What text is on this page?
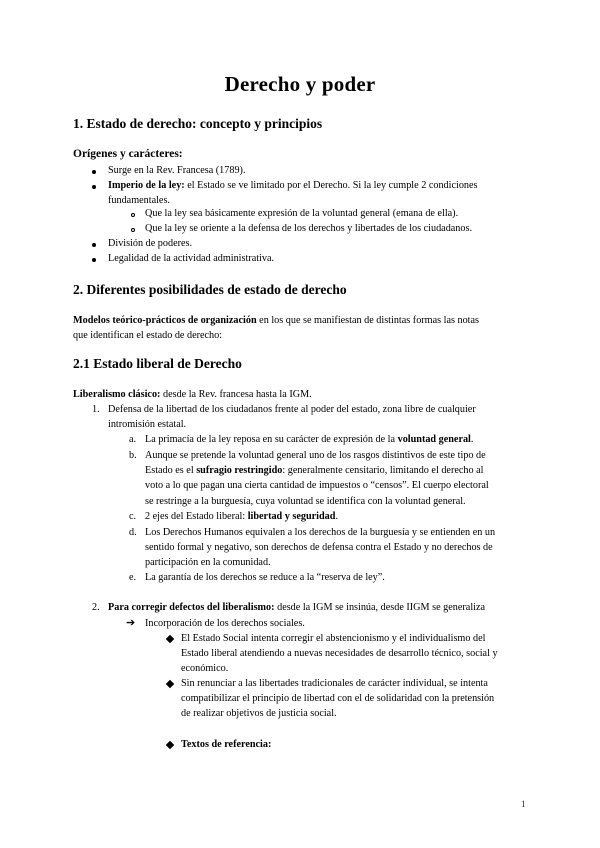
Derecho y poder
1. Estado de derecho: concepto y principios
Orígenes y carácteres:
Surge en la Rev. Francesa (1789).
Imperio de la ley: el Estado se ve limitado por el Derecho. Si la ley cumple 2 condiciones
fundamentales.
Que la ley sea básicamente expresión de la voluntad general (emana de ella).
Que la ley se oriente a la defensa de los derechos y libertades de los ciudadanos.
División de poderes.
Legalidad de la actividad administrativa.
2. Diferentes posibilidades de estado de derecho
Modelos teórico-prácticos de organización en los que se manifiestan de distintas formas las notas
que identifican el estado de derecho:
2.1 Estado liberal de Derecho
Liberalismo clásico: desde la Rev. francesa hasta la IGM.
1. Defensa de la libertad de los ciudadanos frente al poder del estado, zona libre de cualquier
intromisión estatal.
a. La primacía de la ley reposa en su carácter de expresión de la voluntad general.
b. Aunque se pretende la voluntad general uno de los rasgos distintivos de este tipo de
Estado es el sufragio restringido: generalmente censitario, limitando el derecho al
voto a lo que pagan una cierta cantidad de impuestos o “censos”. El cuerpo electoral
se restringe a la burguesía, cuya voluntad se identifica con la voluntad general.
c. 2 ejes del Estado liberal: libertad y seguridad.
d. Los Derechos Humanos equivalen a los derechos de la burguesía y se entienden en un
sentido formal y negativo, son derechos de defensa contra el Estado y no derechos de
participación en la comunidad.
e. La garantía de los derechos se reduce a la “reserva de ley”.
2. Para corregir defectos del liberalismo: desde la IGM se insinúa, desde IIGM se generaliza
➔ Incorporación de los derechos sociales.
El Estado Social intenta corregir el abstencionismo y el individualismo del
Estado liberal atendiendo a nuevas necesidades de desarrollo técnico, social y
económico.
Sin renunciar a las libertades tradicionales de carácter individual, se intenta
compatibilizar el principio de libertad con el de solidaridad con la pretensión
de realizar objetivos de justicia social.
Textos de referencia:
1
